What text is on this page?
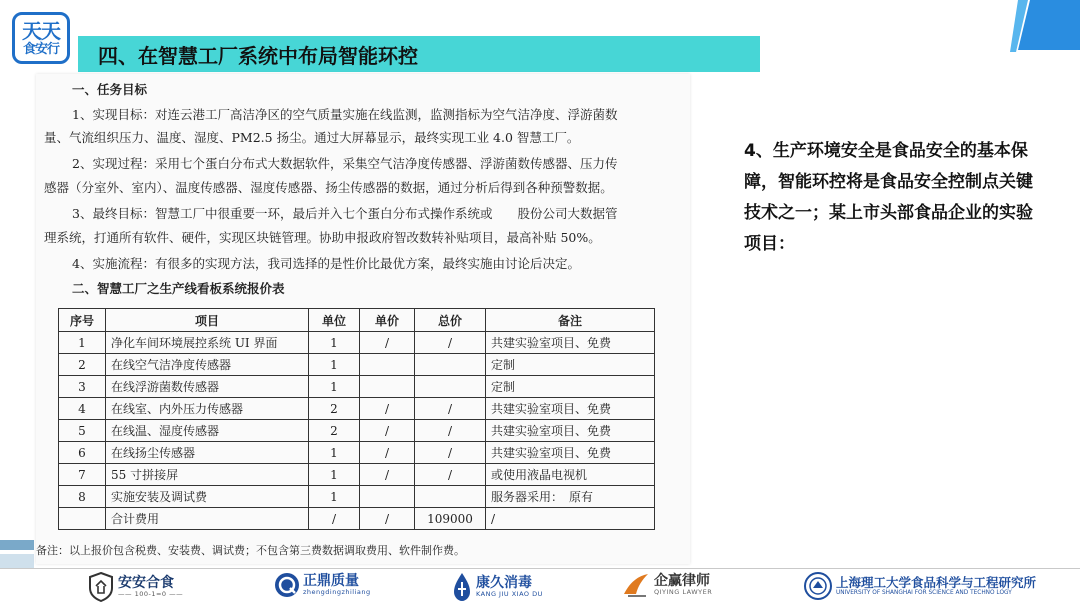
天天
食安行	四、在智慧工厂系统中布局智能环控

一、任务目标

1、实现目标：对连云港工厂高洁净区的空气质量实施在线监测，监测指标为空气洁净度、浮游菌数

量、气流组织压力、温度、湿度、PM2.5 扬尘。通过大屏幕显示，最终实现工业 4.0 智慧工厂。

2、实现过程：采用七个蛋白分布式大数据软件，采集空气洁净度传感器、浮游菌数传感器、压力传

感器（分室外、室内）、温度传感器、湿度传感器、扬尘传感器的数据，通过分析后得到各种预警数据。

3、最终目标：智慧工厂中很重要一环，最后并入七个蛋白分布式操作系统或　　股份公司大数据管

理系统，打通所有软件、硬件，实现区块链管理。协助申报政府智改数转补贴项目，最高补贴 50%。

4、实施流程：有很多的实现方法，我司选择的是性价比最优方案，最终实施由讨论后决定。

二、智慧工厂之生产线看板系统报价表

序号	项目	单位	单价	总价	备注
1	净化车间环境展控系统 UI 界面	1	/	/	共建实验室项目、免费
2	在线空气洁净度传感器	1			定制
3	在线浮游菌数传感器	1			定制
4	在线室、内外压力传感器	2	/	/	共建实验室项目、免费
5	在线温、湿度传感器	2	/	/	共建实验室项目、免费
6	在线扬尘传感器	1	/	/	共建实验室项目、免费
7	55 寸拼接屏	1	/	/	或使用液晶电视机
8	实施安装及调试费	1			服务器采用：　原有
	合计费用	/	/	109000	/

备注：以上报价包含税费、安装费、调试费；不包含第三费数据调取费用、软件制作费。

4、生产环境安全是食品安全的基本保障，智能环控将是食品安全控制点关键技术之一；某上市头部食品企业的实验项目：
安安合食
—— 100-1=0 ——
正鼎质量
zhengdingzhiliang
康久消毒
KANG JIU XIAO DU
企赢律师
QIYING LAWYER
上海理工大学食品科学与工程研究所
UNIVERSITY OF SHANGHAI FOR SCIENCE AND TECHNO LOGY
